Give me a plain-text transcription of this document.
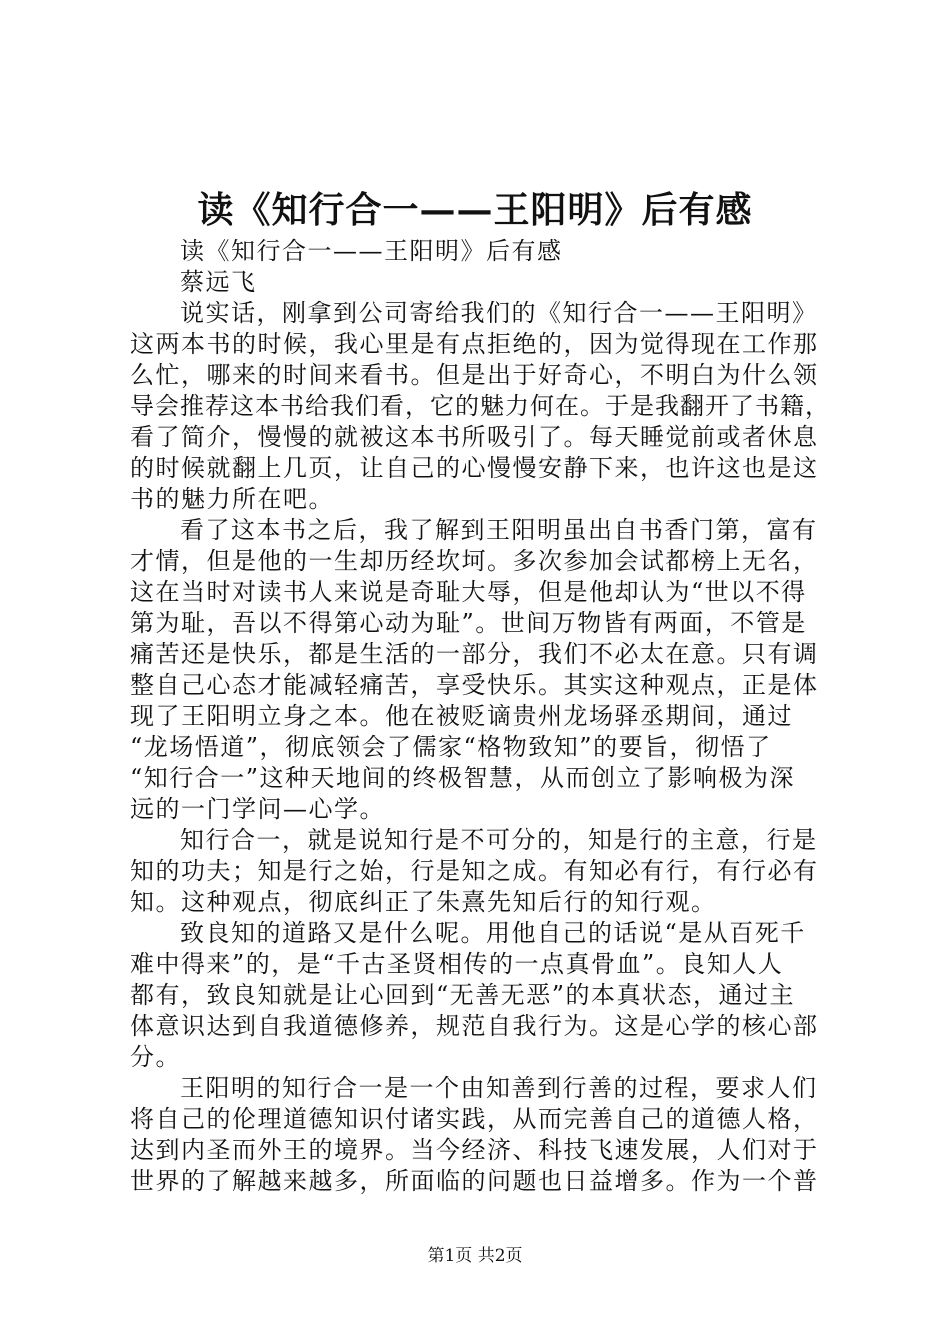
读《知行合一——王阳明》后有感

读《知行合一——王阳明》后有感

蔡远飞

说实话，刚拿到公司寄给我们的《知行合一——王阳明》

这两本书的时候，我心里是有点拒绝的，因为觉得现在工作那

么忙，哪来的时间来看书。但是出于好奇心，不明白为什么领

导会推荐这本书给我们看，它的魅力何在。于是我翻开了书籍，

看了简介，慢慢的就被这本书所吸引了。每天睡觉前或者休息

的时候就翻上几页，让自己的心慢慢安静下来，也许这也是这

书的魅力所在吧。

看了这本书之后，我了解到王阳明虽出自书香门第，富有

才情，但是他的一生却历经坎坷。多次参加会试都榜上无名，

这在当时对读书人来说是奇耻大辱，但是他却认为“世以不得

第为耻，吾以不得第心动为耻”。世间万物皆有两面，不管是

痛苦还是快乐，都是生活的一部分，我们不必太在意。只有调

整自己心态才能减轻痛苦，享受快乐。其实这种观点，正是体

现了王阳明立身之本。他在被贬谪贵州龙场驿丞期间，通过

“龙场悟道”，彻底领会了儒家“格物致知”的要旨，彻悟了

“知行合一”这种天地间的终极智慧，从而创立了影响极为深

远的一门学问—心学。

知行合一，就是说知行是不可分的，知是行的主意，行是

知的功夫；知是行之始，行是知之成。有知必有行，有行必有

知。这种观点，彻底纠正了朱熹先知后行的知行观。

致良知的道路又是什么呢。用他自己的话说“是从百死千

难中得来”的，是“千古圣贤相传的一点真骨血”。良知人人

都有，致良知就是让心回到“无善无恶”的本真状态，通过主

体意识达到自我道德修养，规范自我行为。这是心学的核心部

分。

王阳明的知行合一是一个由知善到行善的过程，要求人们

将自己的伦理道德知识付诸实践，从而完善自己的道德人格，

达到内圣而外王的境界。当今经济、科技飞速发展，人们对于

世界的了解越来越多，所面临的问题也日益增多。作为一个普

第1页 共2页
